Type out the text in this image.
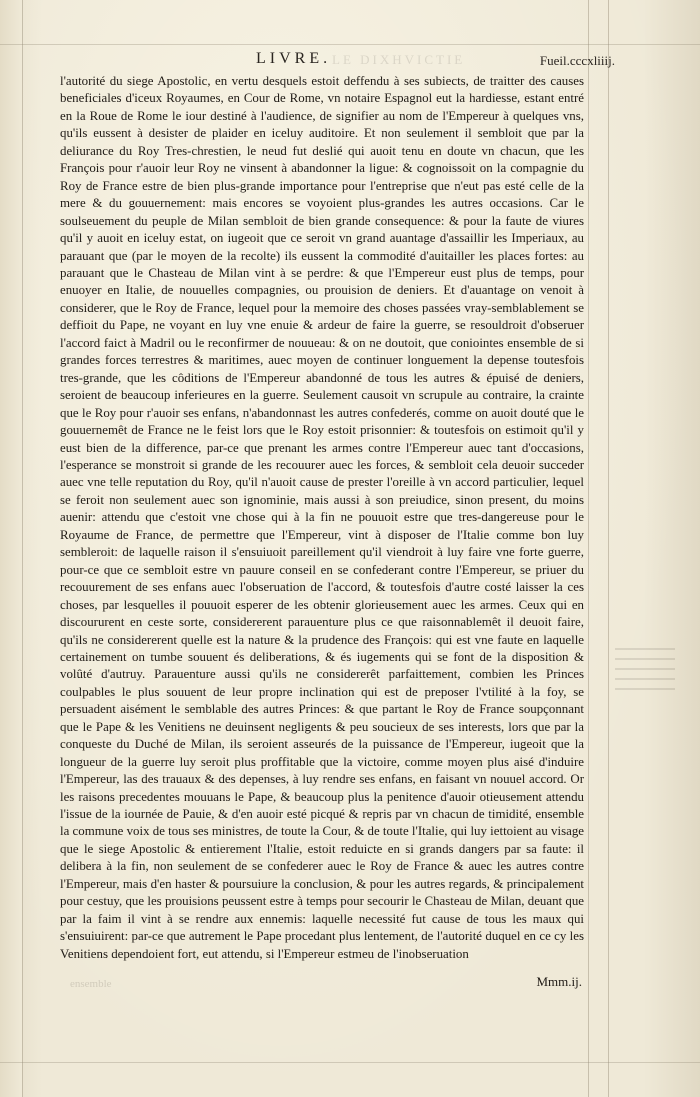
LE DIXHVICTIE
LIVRE.	Fueil.cccxliiij.

l'autorité du siege Apostolic, en vertu desquels estoit deffendu à ses subiects, de traitter des causes beneficiales d'iceux Royaumes, en Cour de Rome, vn notaire Espagnol eut la hardiesse, estant entré en la Roue de Rome le iour destiné à l'audience, de signifier au nom de l'Empereur à quelques vns, qu'ils eussent à desister de plaider en iceluy auditoire. Et non seulement il sembloit que par la deliurance du Roy Tres-chrestien, le neud fut deslié qui auoit tenu en doute vn chacun, que les François pour r'auoir leur Roy ne vinsent à abandonner la ligue: & cognoissoit on la compagnie du Roy de France estre de bien plus-grande importance pour l'entreprise que n'eut pas esté celle de la mere & du gouuernement: mais encores se voyoient plus-grandes les autres occasions. Car le soulseuement du peuple de Milan sembloit de bien grande consequence: & pour la faute de viures qu'il y auoit en iceluy estat, on iugeoit que ce seroit vn grand auantage d'assaillir les Imperiaux, au parauant que (par le moyen de la recolte) ils eussent la commodité d'auitailler les places fortes: au parauant que le Chasteau de Milan vint à se perdre: & que l'Empereur eust plus de temps, pour enuoyer en Italie, de nouuelles compagnies, ou prouision de deniers. Et d'auantage on venoit à considerer, que le Roy de France, lequel pour la memoire des choses passées vray-semblablement se deffioit du Pape, ne voyant en luy vne enuie & ardeur de faire la guerre, se resouldroit d'obseruer l'accord faict à Madril ou le reconfirmer de nouueau: & on ne doutoit, que coniointes ensemble de si grandes forces terrestres & maritimes, auec moyen de continuer longuement la depense toutesfois tres-grande, que les côditions de l'Empereur abandonné de tous les autres & épuisé de deniers, seroient de beaucoup inferieures en la guerre. Seulement causoit vn scrupule au contraire, la crainte que le Roy pour r'auoir ses enfans, n'abandonnast les autres confederés, comme on auoit douté que le gouuernemêt de France ne le feist lors que le Roy estoit prisonnier: & toutesfois on estimoit qu'il y eust bien de la difference, par-ce que prenant les armes contre l'Empereur auec tant d'occasions, l'esperance se monstroit si grande de les recouurer auec les forces, & sembloit cela deuoir succeder auec vne telle reputation du Roy, qu'il n'auoit cause de prester l'oreille à vn accord particulier, lequel se feroit non seulement auec son ignominie, mais aussi à son preiudice, sinon present, du moins auenir: attendu que c'estoit vne chose qui à la fin ne pouuoit estre que tres-dangereuse pour le Royaume de France, de permettre que l'Empereur, vint à disposer de l'Italie comme bon luy sembleroit: de laquelle raison il s'ensuiuoit pareillement qu'il viendroit à luy faire vne forte guerre, pour-ce que ce sembloit estre vn pauure conseil en se confederant contre l'Empereur, se priuer du recouurement de ses enfans auec l'obseruation de l'accord, & toutesfois d'autre costé laisser la ces choses, par lesquelles il pouuoit esperer de les obtenir glorieusement auec les armes. Ceux qui en discoururent en ceste sorte, considererent parauenture plus ce que raisonnablemêt il deuoit faire, qu'ils ne considererent quelle est la nature & la prudence des François: qui est vne faute en laquelle certainement on tumbe souuent és deliberations, & és iugements qui se font de la disposition & volûté d'autruy. Parauenture aussi qu'ils ne considererêt parfaittement, combien les Princes coulpables le plus souuent de leur propre inclination qui est de preposer l'vtilité à la foy, se persuadent aisément le semblable des autres Princes: & que partant le Roy de France soupçonnant que le Pape & les Venitiens ne deuinsent negligents & peu soucieux de ses interests, lors que par la conqueste du Duché de Milan, ils seroient asseurés de la puissance de l'Empereur, iugeoit que la longueur de la guerre luy seroit plus proffitable que la victoire, comme moyen plus aisé d'induire l'Empereur, las des trauaux & des depenses, à luy rendre ses enfans, en faisant vn nouuel accord. Or les raisons precedentes mouuans le Pape, & beaucoup plus la penitence d'auoir otieusement attendu l'issue de la iournée de Pauie, & d'en auoir esté picqué & repris par vn chacun de timidité, ensemble la commune voix de tous ses ministres, de toute la Cour, & de toute l'Italie, qui luy iettoient au visage que le siege Apostolic & entierement l'Italie, estoit reduicte en si grands dangers par sa faute: il delibera à la fin, non seulement de se confederer auec le Roy de France & auec les autres contre l'Empereur, mais d'en haster & poursuiure la conclusion, & pour les autres regards, & principalement pour cestuy, que les prouisions peussent estre à temps pour secourir le Chasteau de Milan, deuant que par la faim il vint à se rendre aux ennemis: laquelle necessité fut cause de tous les maux qui s'ensuiuirent: par-ce que autrement le Pape procedant plus lentement, de l'autorité duquel en ce cy les Venitiens dependoient fort, eut attendu, si l'Empereur estmeu de l'inobseruation

ensemble	Mmm.ij.
